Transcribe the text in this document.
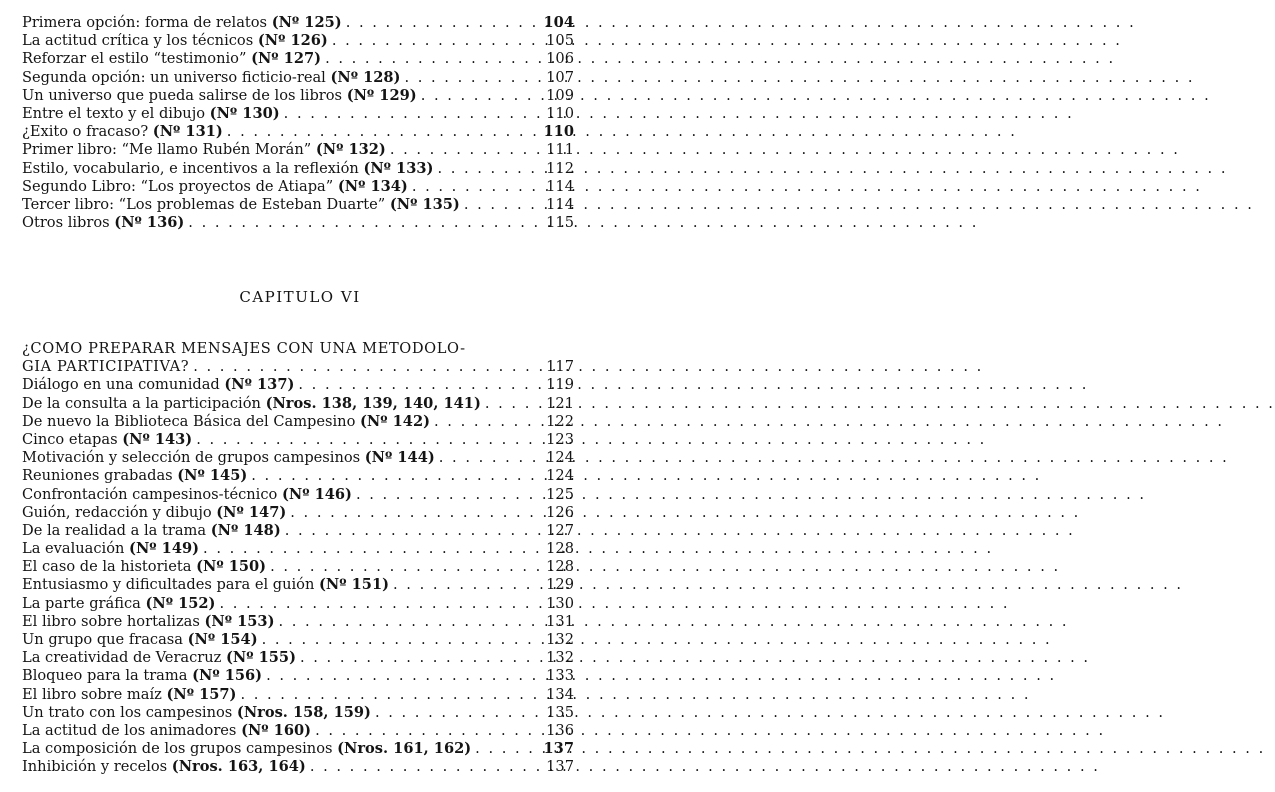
Primera opción: forma de relatos (Nº 125) . . .	104
La actitud crítica y los técnicos (Nº 126) . . .	105
Reforzar el estilo “testimonio” (Nº 127) . . .	106
Segunda opción: un universo ficticio-real (Nº 128) . . .	107
Un universo que pueda salirse de los libros (Nº 129) . . .	109
Entre el texto y el dibujo (Nº 130) . . .	110
¿Exito o fracaso? (Nº 131) . . .	110
Primer libro: “Me llamo Rubén Morán” (Nº 132) . . .	111
Estilo, vocabulario, e incentivos a la reflexión (Nº 133) . . .	112
Segundo Libro: “Los proyectos de Atiapa” (Nº 134) . . .	114
Tercer libro: “Los problemas de Esteban Duarte” (Nº 135) . . .	114
Otros libros (Nº 136) . . .	115
CAPITULO VI
¿COMO PREPARAR MENSAJES CON UNA METODOLO-
GIA PARTICIPATIVA? . . .	117
Diálogo en una comunidad (Nº 137) . . .	119
De la consulta a la participación (Nros. 138, 139, 140, 141) . . .	121
De nuevo la Biblioteca Básica del Campesino (Nº 142) . . .	122
Cinco etapas (Nº 143) . . .	123
Motivación y selección de grupos campesinos (Nº 144) . . .	124
Reuniones grabadas (Nº 145) . . .	124
Confrontación campesinos-técnico (Nº 146) . . .	125
Guión, redacción y dibujo (Nº 147) . . .	126
De la realidad a la trama (Nº 148) . . .	127
La evaluación (Nº 149) . . .	128
El caso de la historieta (Nº 150) . . .	128
Entusiasmo y dificultades para el guión (Nº 151) . . .	129
La parte gráfica (Nº 152) . . .	130
El libro sobre hortalizas (Nº 153) . . .	131
Un grupo que fracasa (Nº 154) . . .	132
La creatividad de Veracruz (Nº 155) . . .	132
Bloqueo para la trama (Nº 156) . . .	133
El libro sobre maíz (Nº 157) . . .	134
Un trato con los campesinos (Nros. 158, 159) . . .	135
La actitud de los animadores (Nº 160) . . .	136
La composición de los grupos campesinos (Nros. 161, 162) . . .	137
Inhibición y recelos (Nros. 163, 164) . . .	137
